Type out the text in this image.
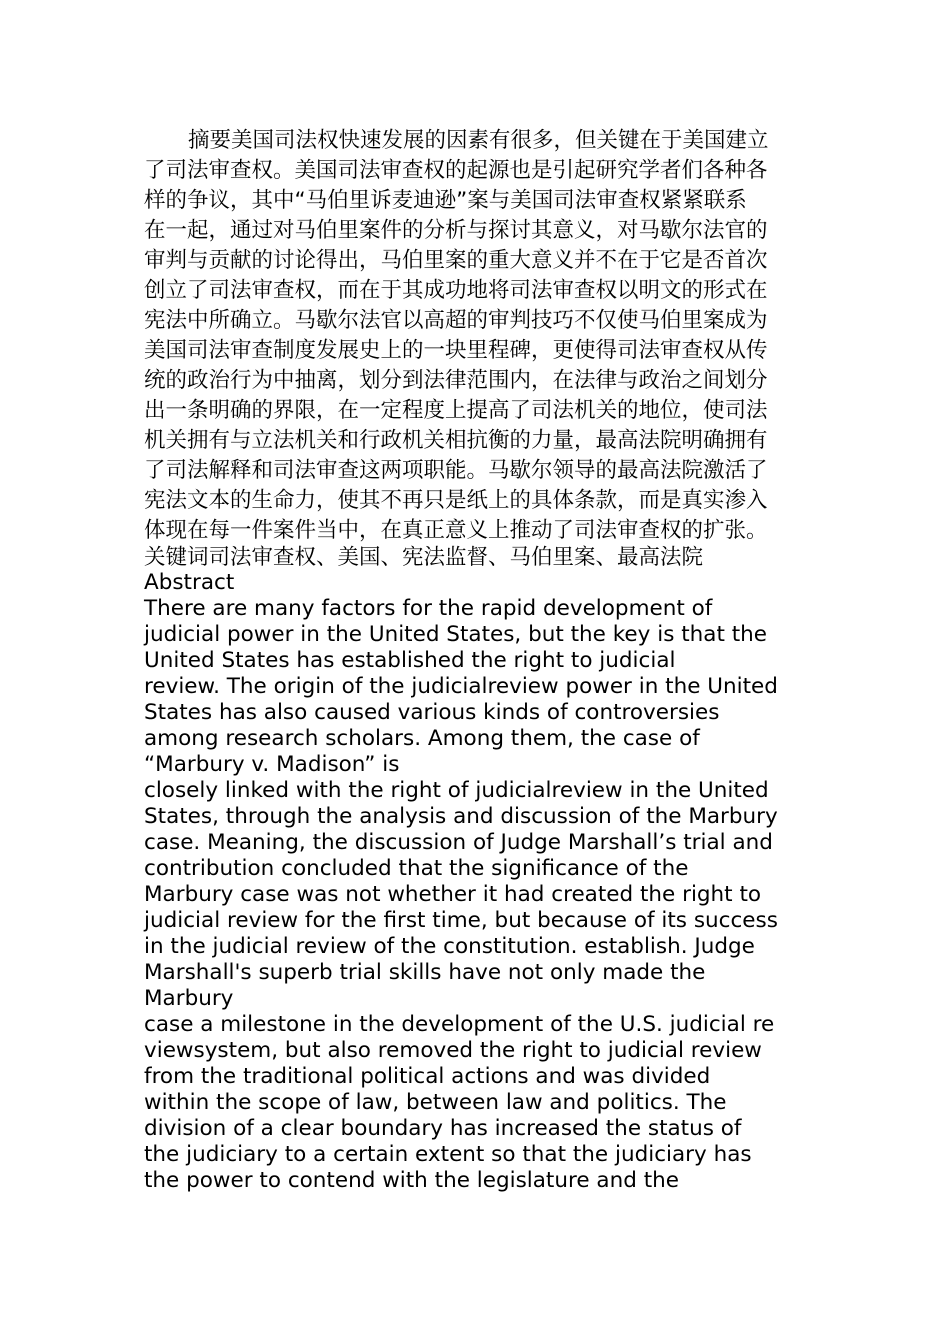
摘要美国司法权快速发展的因素有很多，但关键在于美国建立

了司法审查权。美国司法审查权的起源也是引起研究学者们各种各

样的争议，其中“马伯里诉麦迪逊”案与美国司法审查权紧紧联系

在一起，通过对马伯里案件的分析与探讨其意义，对马歇尔法官的

审判与贡献的讨论得出，马伯里案的重大意义并不在于它是否首次

创立了司法审查权，而在于其成功地将司法审查权以明文的形式在

宪法中所确立。马歇尔法官以高超的审判技巧不仅使马伯里案成为

美国司法审查制度发展史上的一块里程碑，更使得司法审查权从传

统的政治行为中抽离，划分到法律范围内，在法律与政治之间划分

出一条明确的界限，在一定程度上提高了司法机关的地位，使司法

机关拥有与立法机关和行政机关相抗衡的力量，最高法院明确拥有

了司法解释和司法审查这两项职能。马歇尔领导的最高法院激活了

宪法文本的生命力，使其不再只是纸上的具体条款，而是真实渗入

体现在每一件案件当中，在真正意义上推动了司法审查权的扩张。

关键词司法审查权、美国、宪法监督、马伯里案、最高法院

Abstract

There are many factors for the rapid development of

judicial power in the United States, but the key is that the

United States has established the right to judicial

review. The origin of the judicialreview power in the United

States has also caused various kinds of controversies

among research scholars. Among them, the case of

“Marbury v. Madison” is

closely linked with the right of judicialreview in the United

States, through the analysis and discussion of the Marbury

case. Meaning, the discussion of Judge Marshall’s trial and

contribution concluded that the significance of the

Marbury case was not whether it had created the right to

judicial review for the first time, but because of its success

in the judicial review of the constitution. establish. Judge

Marshall's superb trial skills have not only made the

Marbury

case a milestone in the development of the U.S. judicial re

viewsystem, but also removed the right to judicial review

from the traditional political actions and was divided

within the scope of law, between law and politics. The

division of a clear boundary has increased the status of

the judiciary to a certain extent so that the judiciary has

the power to contend with the legislature and the
